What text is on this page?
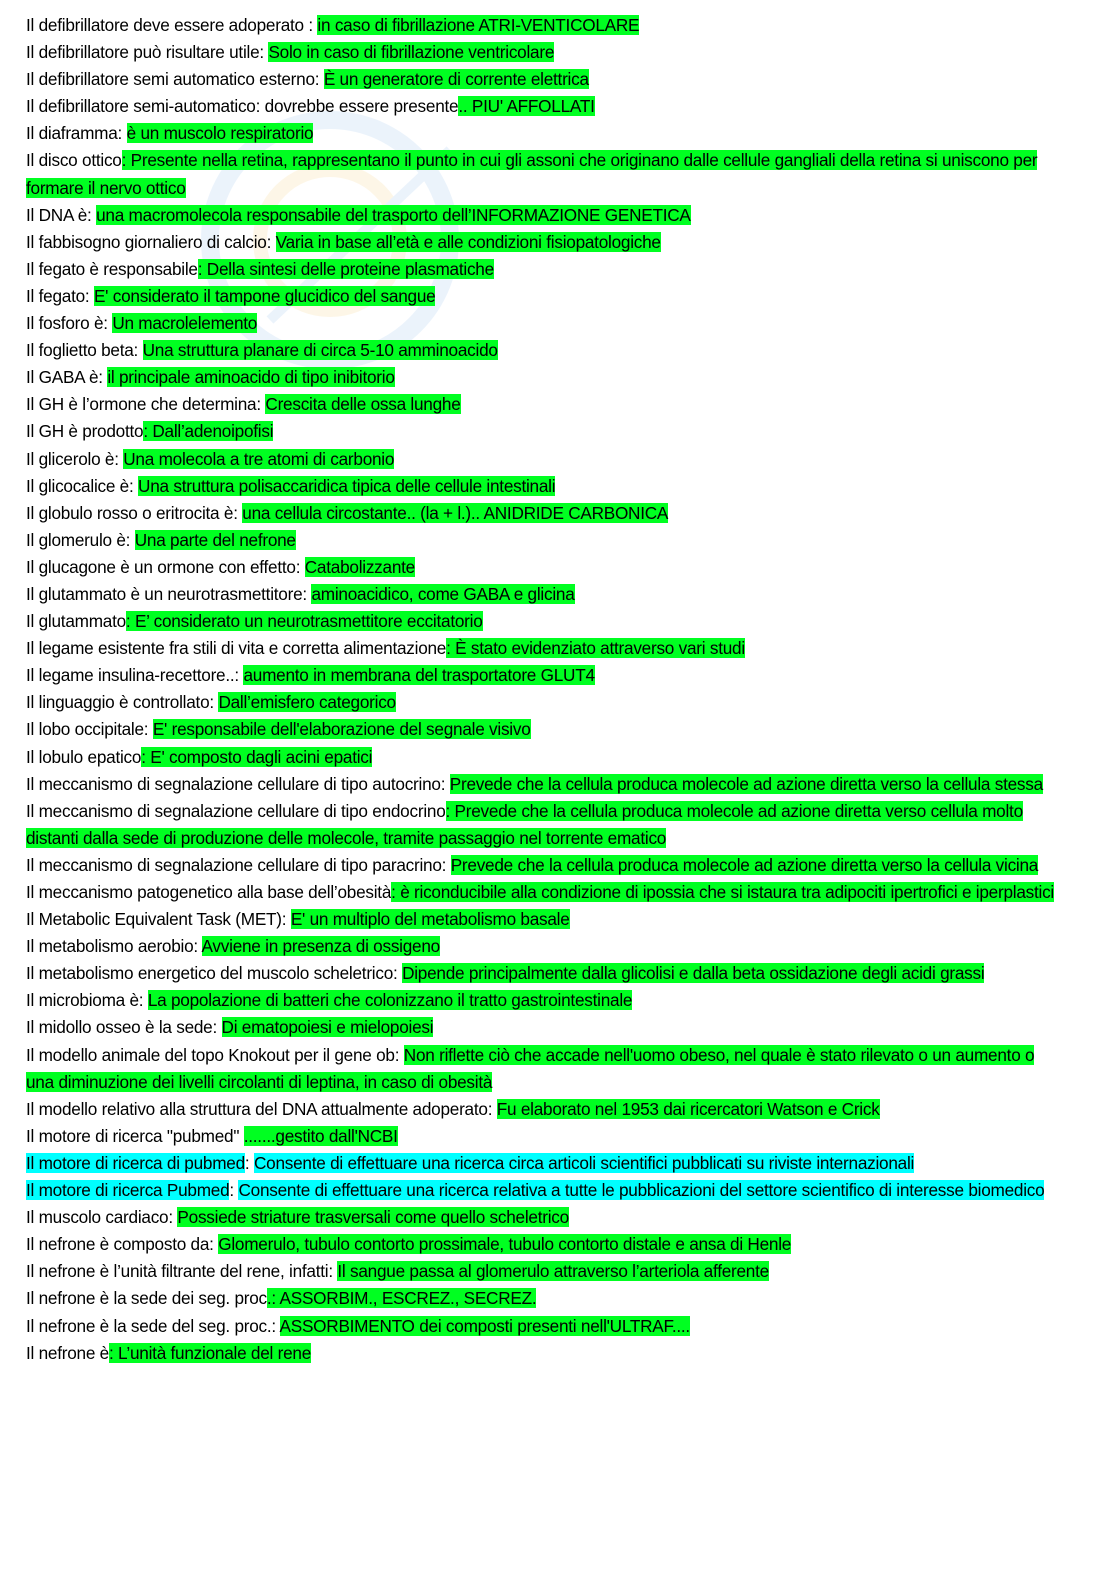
Il defibrillatore deve essere adoperato : in caso di fibrillazione ATRI-VENTICOLARE

Il defibrillatore può risultare utile: Solo in caso di fibrillazione ventricolare

Il defibrillatore semi automatico esterno: È un generatore di corrente elettrica

Il defibrillatore semi-automatico: dovrebbe essere presente.. PIU' AFFOLLATI

Il diaframma: è un muscolo respiratorio

Il disco ottico: Presente nella retina, rappresentano il punto in cui gli assoni che originano dalle cellule gangliali della retina si uniscono per formare il nervo ottico

Il DNA è: una macromolecola responsabile del trasporto dell’INFORMAZIONE GENETICA

Il fabbisogno giornaliero di calcio: Varia in base all’età e alle condizioni fisiopatologiche

Il fegato è responsabile: Della sintesi delle proteine plasmatiche

Il fegato: E' considerato il tampone glucidico del sangue

Il fosforo è: Un macrolelemento

Il foglietto beta: Una struttura planare di circa 5-10 amminoacido

Il GABA è: il principale aminoacido di tipo inibitorio

Il GH è l’ormone che determina: Crescita delle ossa lunghe

Il GH è prodotto: Dall’adenoipofisi

Il glicerolo è: Una molecola a tre atomi di carbonio

Il glicocalice è: Una struttura polisaccaridica tipica delle cellule intestinali

Il globulo rosso o eritrocita è: una cellula circostante.. (la + l.).. ANIDRIDE CARBONICA

Il glomerulo è: Una parte del nefrone

Il glucagone è un ormone con effetto: Catabolizzante

Il glutammato è un neurotrasmettitore: aminoacidico, come GABA e glicina

Il glutammato: E’ considerato un neurotrasmettitore eccitatorio

Il legame esistente fra stili di vita e corretta alimentazione: È stato evidenziato attraverso vari studi

Il legame insulina-recettore..: aumento in membrana del trasportatore GLUT4

Il linguaggio è controllato: Dall’emisfero categorico

Il lobo occipitale: E' responsabile dell'elaborazione del segnale visivo

Il lobulo epatico: E' composto dagli acini epatici

Il meccanismo di segnalazione cellulare di tipo autocrino: Prevede che la cellula produca molecole ad azione diretta verso la cellula stessa

Il meccanismo di segnalazione cellulare di tipo endocrino: Prevede che la cellula produca molecole ad azione diretta verso cellula molto distanti dalla sede di produzione delle molecole, tramite passaggio nel torrente ematico

Il meccanismo di segnalazione cellulare di tipo paracrino: Prevede che la cellula produca molecole ad azione diretta verso la cellula vicina

Il meccanismo patogenetico alla base dell’obesità: è riconducibile alla condizione di ipossia che si istaura tra adipociti ipertrofici e iperplastici

Il Metabolic Equivalent Task (MET): E' un multiplo del metabolismo basale

Il metabolismo aerobio: Avviene in presenza di ossigeno

Il metabolismo energetico del muscolo scheletrico: Dipende principalmente dalla glicolisi e dalla beta ossidazione degli acidi grassi

Il microbioma è: La popolazione di batteri che colonizzano il tratto gastrointestinale

Il midollo osseo è la sede: Di ematopoiesi e mielopoiesi

Il modello animale del topo Knokout per il gene ob: Non riflette ciò che accade nell'uomo obeso, nel quale è stato rilevato o un aumento o una diminuzione dei livelli circolanti di leptina, in caso di obesità

Il modello relativo alla struttura del DNA attualmente adoperato: Fu elaborato nel 1953 dai ricercatori Watson e Crick

Il motore di ricerca "pubmed" .......gestito dall'NCBI

Il motore di ricerca di pubmed: Consente di effettuare una ricerca circa articoli scientifici pubblicati su riviste internazionali

Il motore di ricerca Pubmed: Consente di effettuare una ricerca relativa a tutte le pubblicazioni del settore scientifico di interesse biomedico

Il muscolo cardiaco: Possiede striature trasversali come quello scheletrico

Il nefrone è composto da: Glomerulo, tubulo contorto prossimale, tubulo contorto distale e ansa di Henle

Il nefrone è l’unità filtrante del rene, infatti: Il sangue passa al glomerulo attraverso l’arteriola afferente

Il nefrone è la sede dei seg. proc.: ASSORBIM., ESCREZ., SECREZ.

Il nefrone è la sede del seg. proc.: ASSORBIMENTO dei composti presenti nell'ULTRAF....

Il nefrone è: L’unità funzionale del rene
